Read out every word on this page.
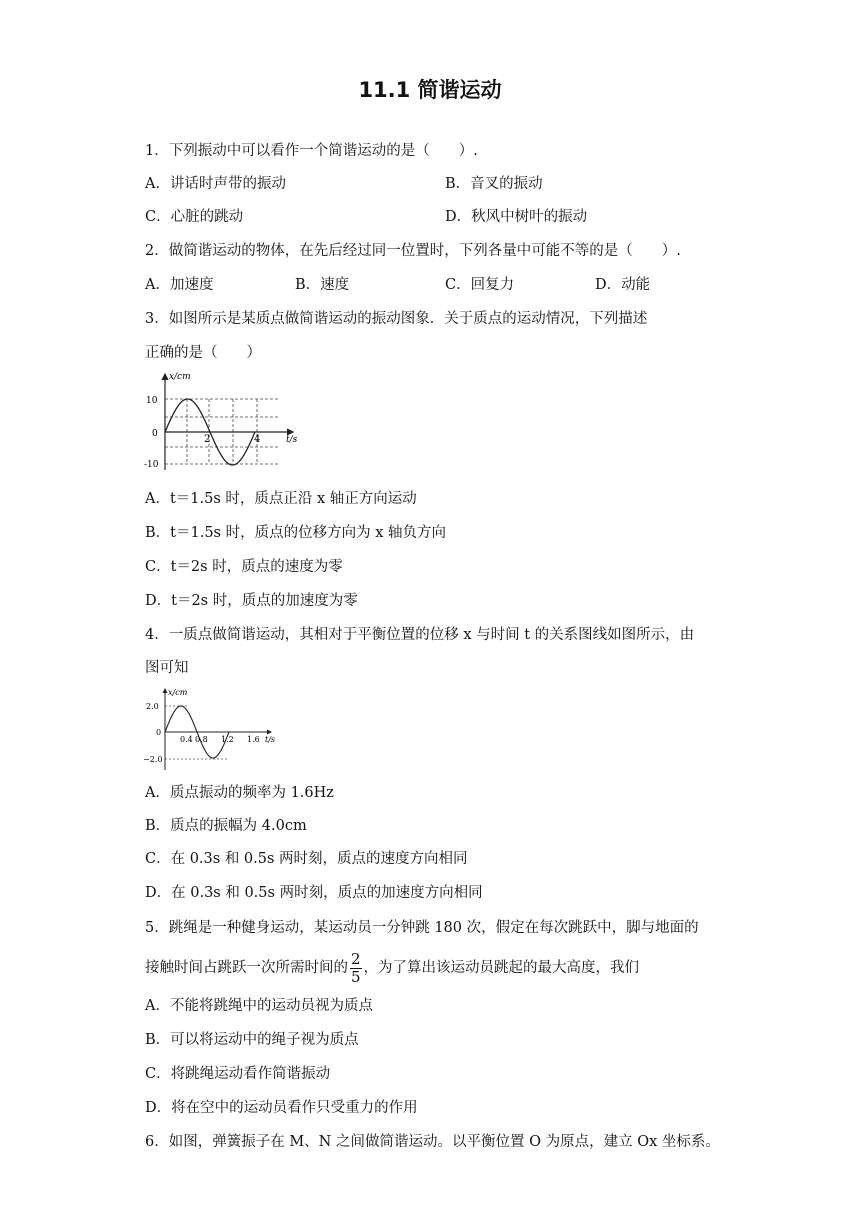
11.1 简谐运动
1．下列振动中可以看作一个简谐运动的是（　　）.
A．讲话时声带的振动	B．音叉的振动
C．心脏的跳动	D．秋风中树叶的振动
2．做简谐运动的物体，在先后经过同一位置时，下列各量中可能不等的是（　　）.
A．加速度	B．速度	C．回复力	D．动能
3．如图所示是某质点做简谐运动的振动图象．关于质点的运动情况，下列描述
正确的是（　　）
x/cm
t/s
10
0
-10
2	4
A．t＝1.5s 时，质点正沿 x 轴正方向运动
B．t＝1.5s 时，质点的位移方向为 x 轴负方向
C．t＝2s 时，质点的速度为零
D．t＝2s 时，质点的加速度为零
4．一质点做简谐运动，其相对于平衡位置的位移 x 与时间 t 的关系图线如图所示，由
图可知
x/cm
t/s
2.0
0
−2.0
0.4 0.8 1.2 1.6
A．质点振动的频率为 1.6Hz
B．质点的振幅为 4.0cm
C．在 0.3s 和 0.5s 两时刻，质点的速度方向相同
D．在 0.3s 和 0.5s 两时刻，质点的加速度方向相同
5．跳绳是一种健身运动，某运动员一分钟跳 180 次，假定在每次跳跃中，脚与地面的
接触时间占跳跃一次所需时间的 $\frac{2}{5}$ ，为了算出该运动员跳起的最大高度，我们
A．不能将跳绳中的运动员视为质点
B．可以将运动中的绳子视为质点
C．将跳绳运动看作简谐振动
D．将在空中的运动员看作只受重力的作用
6．如图，弹簧振子在 M、N 之间做简谐运动。以平衡位置 O 为原点，建立 Ox 坐标系。
